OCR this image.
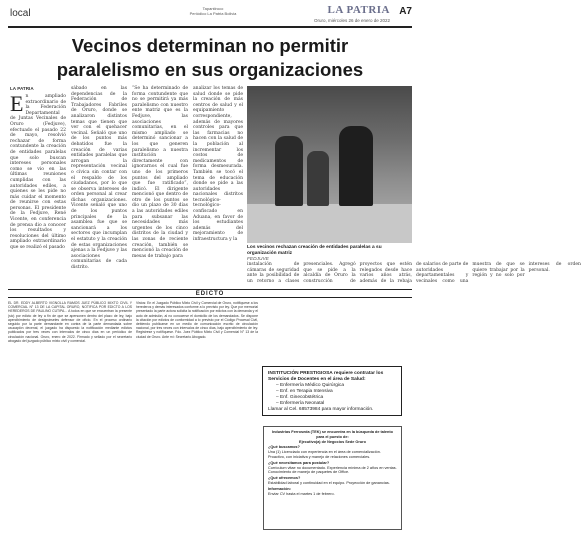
local	Tapantiroco
Periódico La Patria Bolivia	LA PATRIA
Oruro, miércoles 26 de enero de 2022
A7
Vecinos determinan no permitir paralelismo en sus organizaciones
LA PATRIA
E n ampliado extraordinario de la Federación Departamental de Juntas Vecinales de Oruro (Fedjuve), efectuado el pasado 22 de mayo, resolvió rechazar de forma contundente la creación de entidades paralelas que solo buscan intereses personales como se vio en las últimas reuniones cumplidas con las autoridades ediles, a quienes se les pide no más cuidar el momento de reunirse con estas personas. El presidente de la Fedjuve, René Vicente, en conferencia de prensa dio a conocer los resultados y resoluciones del último ampliado extraordinario que se realizó el pasado
sábado en las dependencias de la Federación de Trabajadores Fabriles de Oruro, donde se analizaron distintos temas que tienen que ver con el quehacer vecinal. Señaló que uno de los puntos más debatidos fue la creación de varias entidades paralelas que arrogan la representación vecinal o cívica sin contar con el respaldo de los ciudadanos, por lo que se observa intereses de orden personal al crear dichas organizaciones. Vicente señaló que uno de los puntos principales de la asamblea fue que se sancionará a los sectores que incumplan el estatuto y la creación de estas organizaciones ajenas a la Fedjuve y las asociaciones comunitarias de cada distrito.
“Se ha determinado de forma contundente que no se permitirá ya más paralelismo con nuestro ente matriz que es la Fedjuve, las asociaciones comunitarias, en el mismo ampliado se determinó sancionar a los que generen paralelismo a nuestra institución directamente con ignorarnos el cual fue uno de los primeros puntos del ampliado que fue ratificado”, indicó. El dirigente mencionó que dentro de otro de los puntos se dio un plazo de 30 días a las autoridades ediles para subsanar las necesidades más urgentes de los cinco distritos de la ciudad y las zonas de reciente creación, también se mencionó la creación de mesas de trabajo para
Los vecinos rechazan creación de entidades paralelas a su organización matriz
FEDJUVE
analizar los temas de salud donde se pide la creación de más centros de salud y el equipamiento correspondiente, además de mayores controles para que las farmacias no hacen con la salud de la población al incrementar los costos de medicamentos de forma desmesurada. También se tocó el tema de educación donde se pide a las autoridades nacionales distritos tecnológico-tecnológico-confiscado en Aduana, en favor de los estudiantes además del mejoramiento de infraestructura y la
instalación de cámaras de seguridad ante la posibilidad de un retorno a clases presenciales. Agregó que se pide a la alcaldía de Oruro la construcción de proyectos que estén relegados desde hace varios años atrás, además de la rebaja de salarios de parte de autoridades departamentales y vecinales como una muestra de que se quiere trabajar por la región y no solo por intereses de orden personal.
EDICTO
EL DR. EDDY ALBERTO VIGNOLLA RAMOS JUEZ PÚBLICO MIXTO CIVIL Y COMERCIAL N° 13 DE LA CAPITAL ORURO, NOTIFICA POR EDICTO A LOS HEREDEROS DE PAULINO CUTIPA... A todos en que se encuentran la presente (sic) por edicto de ley a fin de que se apersonen dentro del plazo de ley, bajo apercibimiento de designárseles defensor de oficio. En el proceso ordinario seguido por la parte demandante en contra de la parte demandada sobre usucapión decenal, el juzgado ha dispuesto la notificación mediante edictos publicados por tres veces con intervalos de cinco días en un periódico de circulación nacional. Oruro, enero de 2022. Firmado y sellado por el secretario abogado del juzgado público mixto civil y comercial.
Vistos: En el Juzgado Público Mixto Civil y Comercial de Oruro, notifíquese a los herederos y demás interesados conforme a lo previsto por ley. Que por memorial presentado la parte actora solicita la notificación por edictos con la demanda y el auto de admisión, al no conocerse el domicilio de los demandados. Se dispone la citación por edictos de conformidad a lo previsto por el Código Procesal Civil, debiendo publicarse en un medio de comunicación escrito de circulación nacional, por tres veces con intervalos de cinco días, bajo apercibimiento de ley. Registrese y notifíquese. Fdo. Juez Público Mixto Civil y Comercial N° 13 de la ciudad de Oruro. Ante mí: Secretario Abogado.
INSTITUCIÓN PRESTIGIOSA requiere contratar los Servicios de Docentes en el área de Salud:
– Enfermería Médico Quirúrgica
– Enf. en Terapia Intensiva
– Enf. Ginecobstétrica
– Enfermería Neonatal
Llamar al Cel. 68573984 para mayor información.
Industrias Ferroseda (TEK) se encuentra en la búsqueda de talento para el puesto de:
Ejecutivo(a) de Negocios Sede Oruro
¿Qué buscamos?
Una (1) Licenciado con experiencia en el área de comercialización. Proactivo, con iniciativa y manejo de relaciones comerciales.
¿Qué necesitamos para postular?
Currículum vitae no documentado. Experiencia mínima de 2 años en ventas. Conocimiento de manejo de paquetes de Office.
¿Qué ofrecemos?
Estabilidad laboral y continuidad en el equipo. Proyección de ganancias.
Información:
Enviar CV hasta el martes 1 de febrero.
